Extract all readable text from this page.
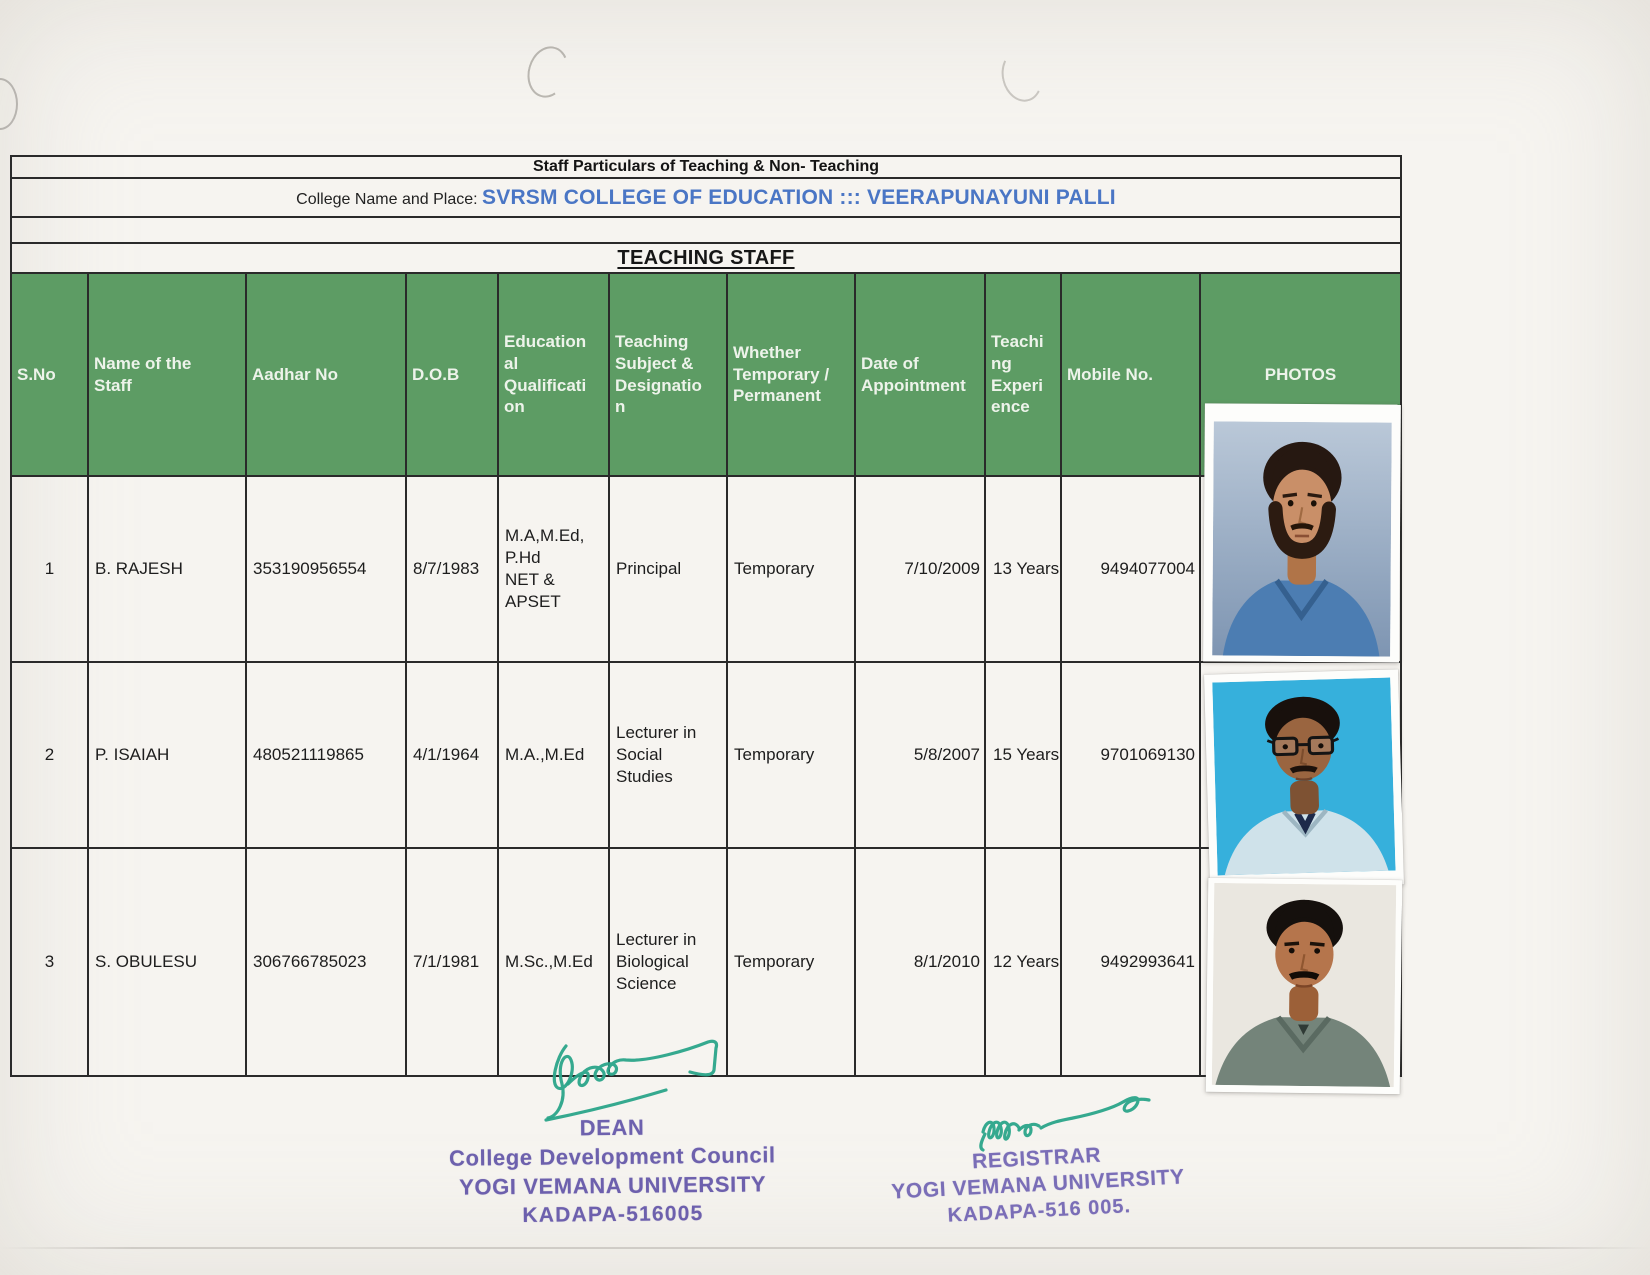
Staff Particulars of Teaching & Non- Teaching										
College Name and Place: SVRSM COLLEGE OF EDUCATION ::: VEERAPUNAYUNI PALLI										

TEACHING STAFF										
S.No	Name of the
Staff	Aadhar No	D.O.B	Education
al
Qualificati
on	Teaching
Subject &
Designatio
n	Whether
Temporary /
Permanent	Date of
Appointment	Teachi
ng
Experi
ence	Mobile No.	PHOTOS
1	B. RAJESH	353190956554	8/7/1983	M.A,M.Ed,
P.Hd
NET &
APSET	Principal	Temporary	7/10/2009	13 Years	9494077004	
2	P. ISAIAH	480521119865	4/1/1964	M.A.,M.Ed	Lecturer in Social Studies	Temporary	5/8/2007	15 Years	9701069130	
3	S. OBULESU	306766785023	7/1/1981	M.Sc.,M.Ed	Lecturer in Biological Science	Temporary	8/1/2010	12 Years	9492993641	
DEAN
College Development Council
YOGI VEMANA UNIVERSITY
KADAPA-516005
REGISTRAR
YOGI VEMANA UNIVERSITY
KADAPA-516 005.
